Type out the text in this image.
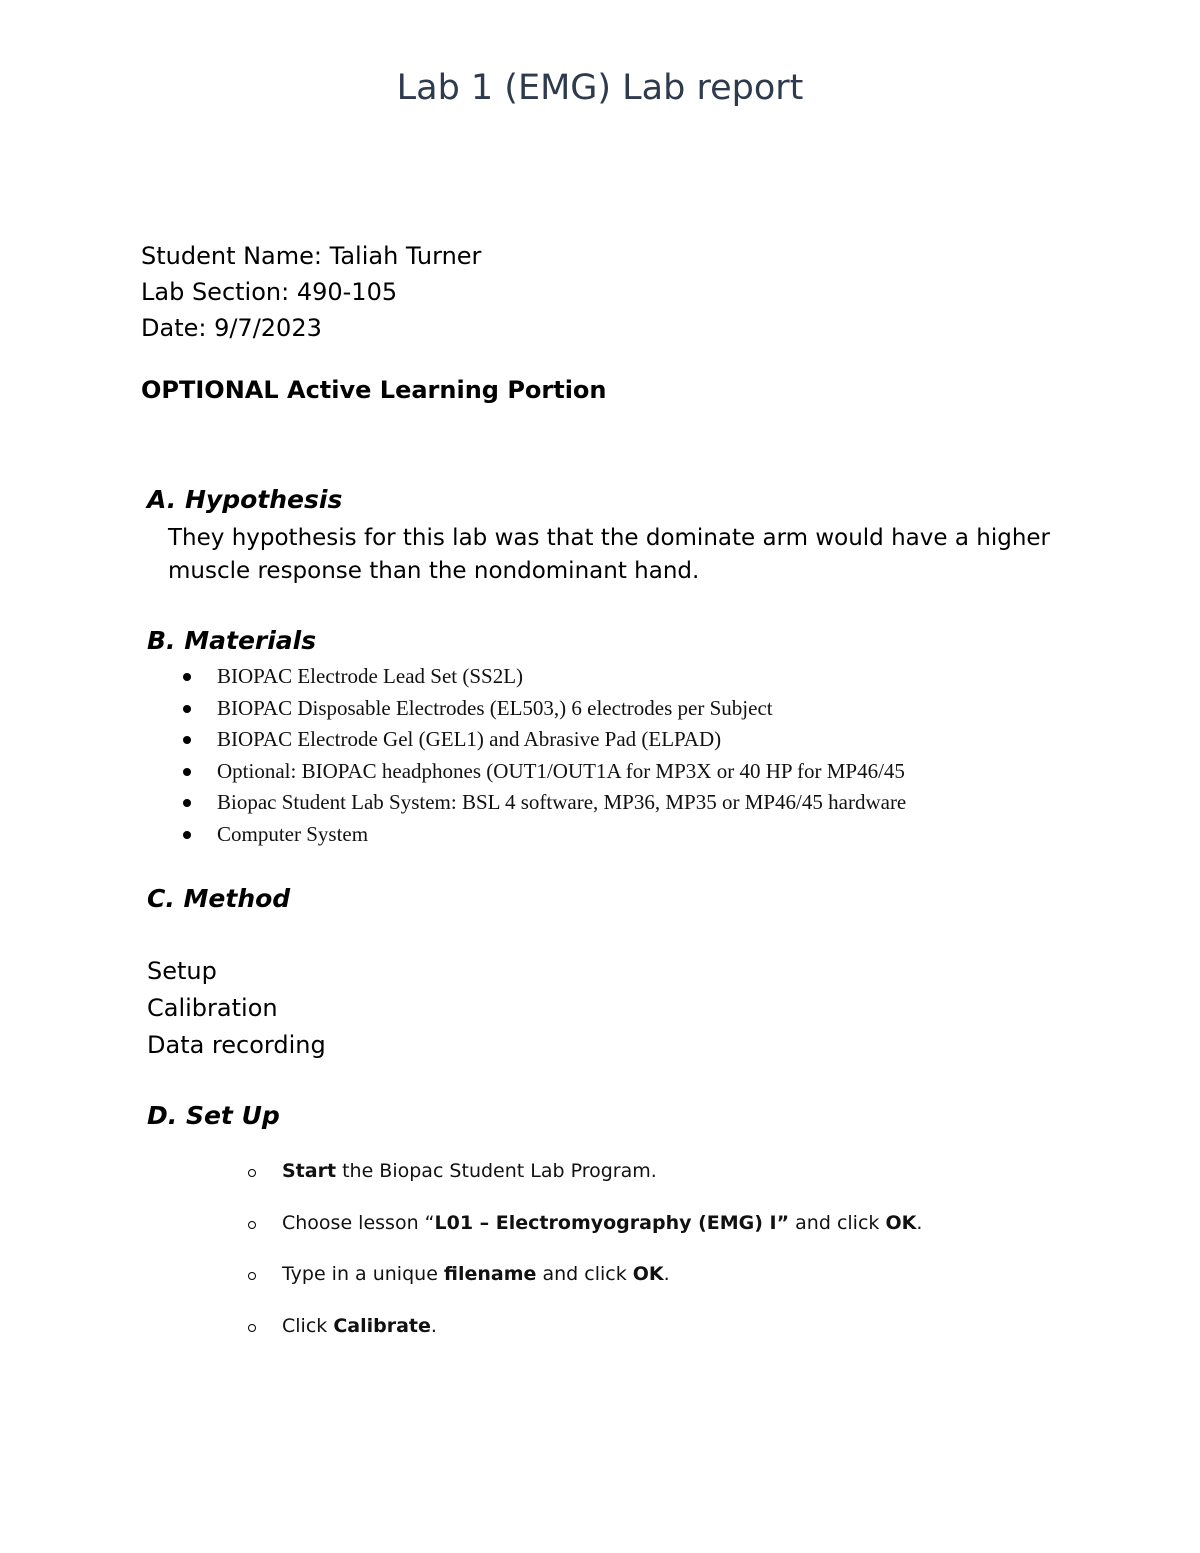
Lab 1 (EMG) Lab report
Student Name: Taliah Turner
Lab Section: 490-105
Date: 9/7/2023
OPTIONAL Active Learning Portion
A. Hypothesis
They hypothesis for this lab was that the dominate arm would have a higher muscle response than the nondominant hand.
B. Materials
BIOPAC Electrode Lead Set (SS2L)
BIOPAC Disposable Electrodes (EL503,) 6 electrodes per Subject
BIOPAC Electrode Gel (GEL1) and Abrasive Pad (ELPAD)
Optional: BIOPAC headphones (OUT1/OUT1A for MP3X or 40 HP for MP46/45
Biopac Student Lab System: BSL 4 software, MP36, MP35 or MP46/45 hardware
Computer System
C. Method
Setup
Calibration
Data recording
D. Set Up
Start the Biopac Student Lab Program.
Choose lesson “L01 – Electromyography (EMG) I” and click OK.
Type in a unique filename and click OK.
Click Calibrate.
